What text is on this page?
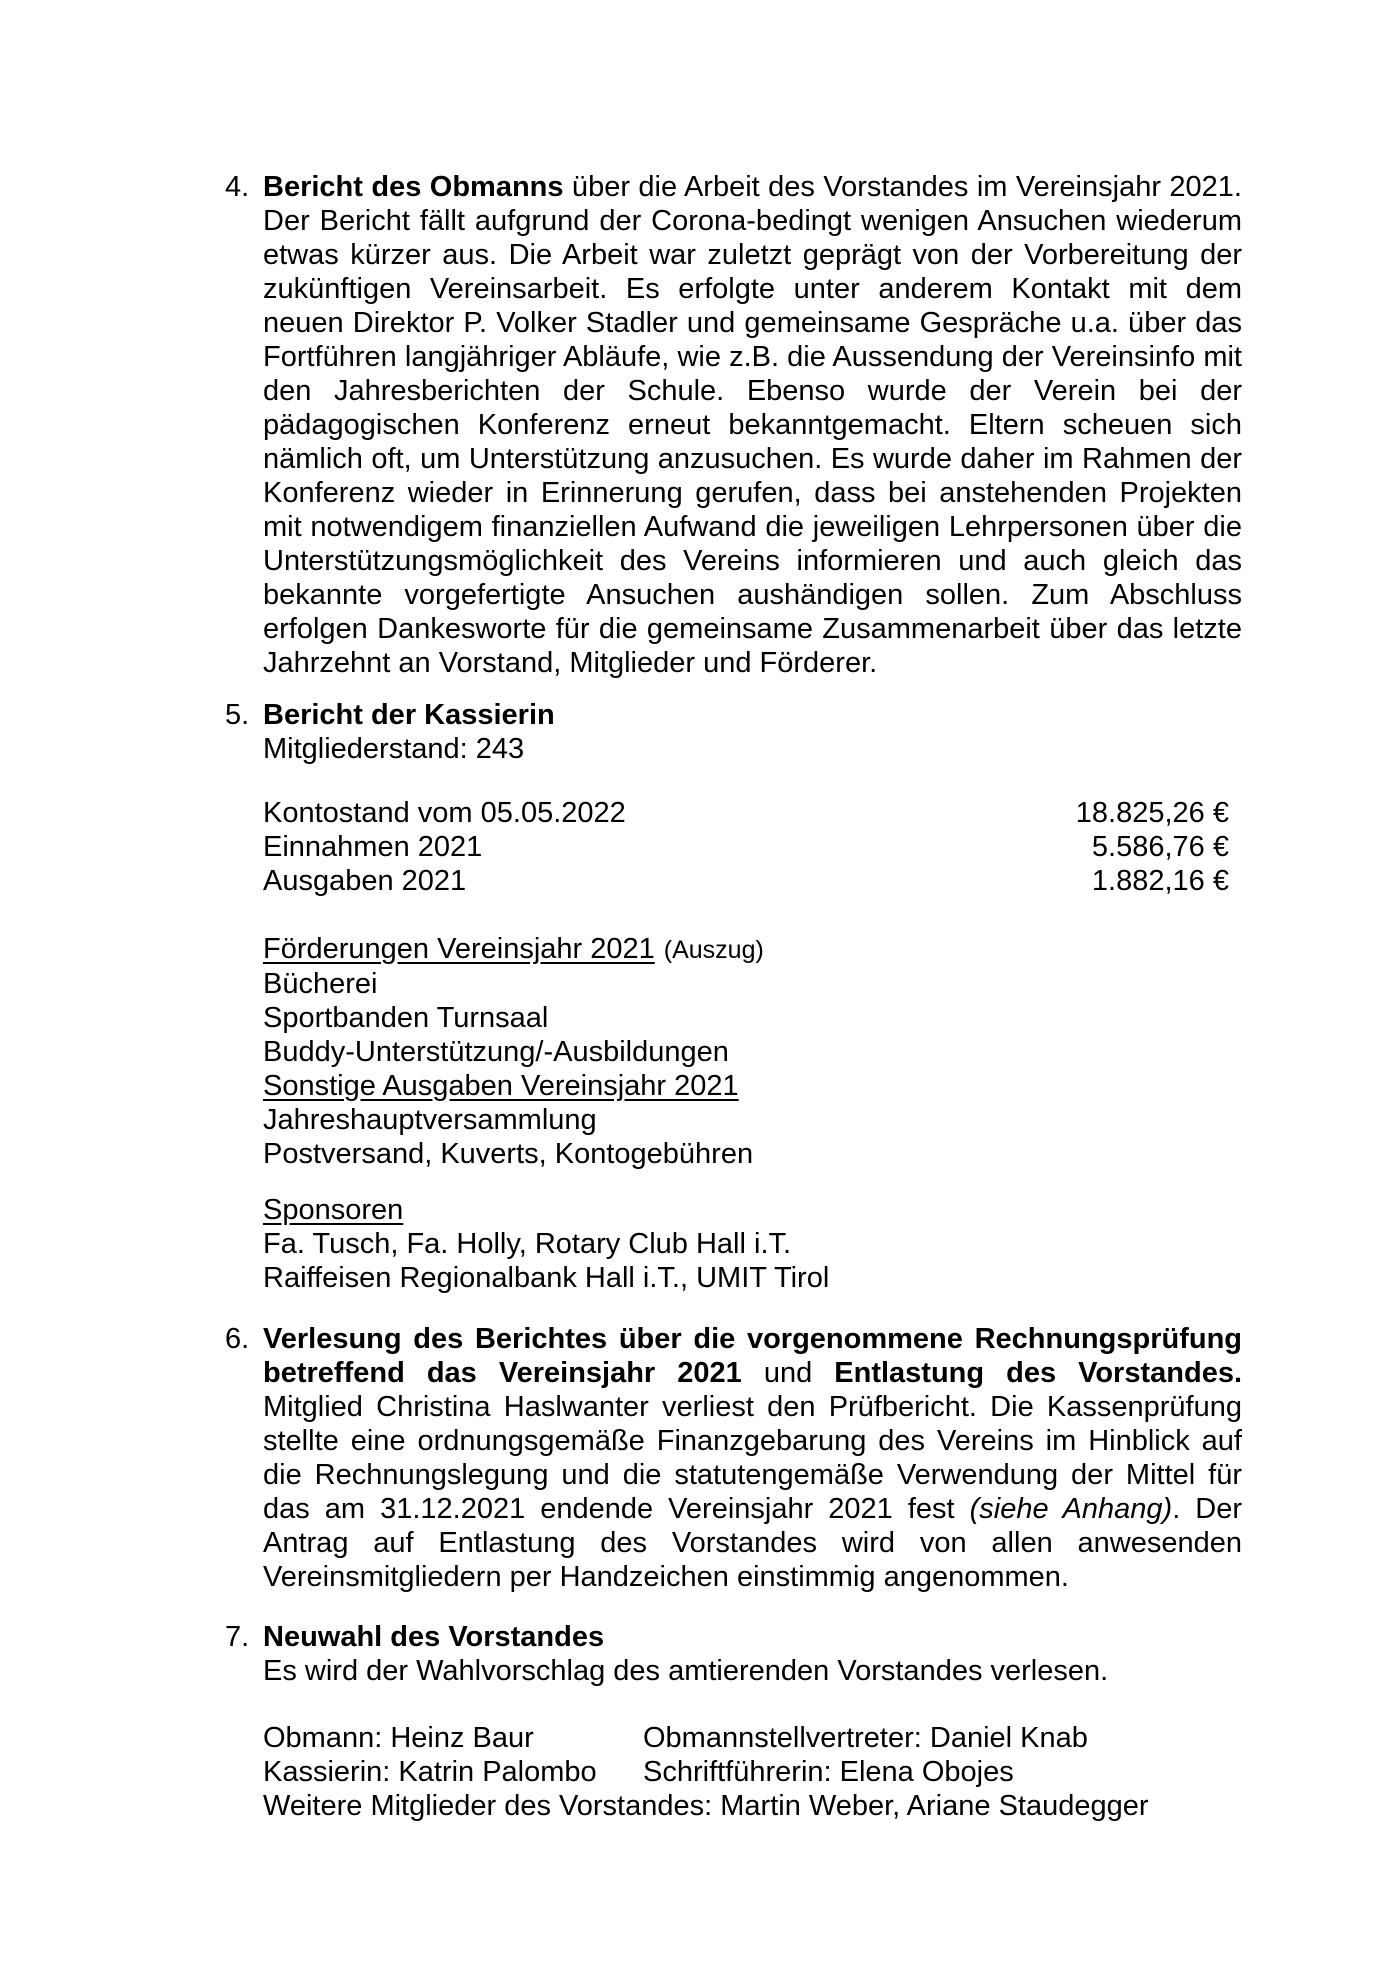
4. Bericht des Obmanns über die Arbeit des Vorstandes im Vereinsjahr 2021. Der Bericht fällt aufgrund der Corona-bedingt wenigen Ansuchen wiederum etwas kürzer aus. Die Arbeit war zuletzt geprägt von der Vorbereitung der zukünftigen Vereinsarbeit. Es erfolgte unter anderem Kontakt mit dem neuen Direktor P. Volker Stadler und gemeinsame Gespräche u.a. über das Fortführen langjähriger Abläufe, wie z.B. die Aussendung der Vereinsinfo mit den Jahresberichten der Schule. Ebenso wurde der Verein bei der pädagogischen Konferenz erneut bekanntgemacht. Eltern scheuen sich nämlich oft, um Unterstützung anzusuchen. Es wurde daher im Rahmen der Konferenz wieder in Erinnerung gerufen, dass bei anstehenden Projekten mit notwendigem finanziellen Aufwand die jeweiligen Lehrpersonen über die Unterstützungsmöglichkeit des Vereins informieren und auch gleich das bekannte vorgefertigte Ansuchen aushändigen sollen. Zum Abschluss erfolgen Dankesworte für die gemeinsame Zusammenarbeit über das letzte Jahrzehnt an Vorstand, Mitglieder und Förderer.
5. Bericht der Kassierin
Mitgliederstand: 243
Kontostand vom 05.05.2022	18.825,26 €
Einnahmen 2021	5.586,76 €
Ausgaben 2021	1.882,16 €
Förderungen Vereinsjahr 2021 (Auszug)
Bücherei
Sportbanden Turnsaal
Buddy-Unterstützung/-Ausbildungen
Sonstige Ausgaben Vereinsjahr 2021
Jahreshauptversammlung
Postversand, Kuverts, Kontogebühren
Sponsoren
Fa. Tusch, Fa. Holly, Rotary Club Hall i.T.
Raiffeisen Regionalbank Hall i.T., UMIT Tirol
6. Verlesung des Berichtes über die vorgenommene Rechnungsprüfung betreffend das Vereinsjahr 2021 und Entlastung des Vorstandes. Mitglied Christina Haslwanter verliest den Prüfbericht. Die Kassenprüfung stellte eine ordnungsgemäße Finanzgebarung des Vereins im Hinblick auf die Rechnungslegung und die statutengemäße Verwendung der Mittel für das am 31.12.2021 endende Vereinsjahr 2021 fest (siehe Anhang). Der Antrag auf Entlastung des Vorstandes wird von allen anwesenden Vereinsmitgliedern per Handzeichen einstimmig angenommen.
7. Neuwahl des Vorstandes
Es wird der Wahlvorschlag des amtierenden Vorstandes verlesen.
Obmann: Heinz Baur	Obmannstellvertreter: Daniel Knab
Kassierin: Katrin Palombo	Schriftführerin: Elena Obojes
Weitere Mitglieder des Vorstandes: Martin Weber, Ariane Staudegger
